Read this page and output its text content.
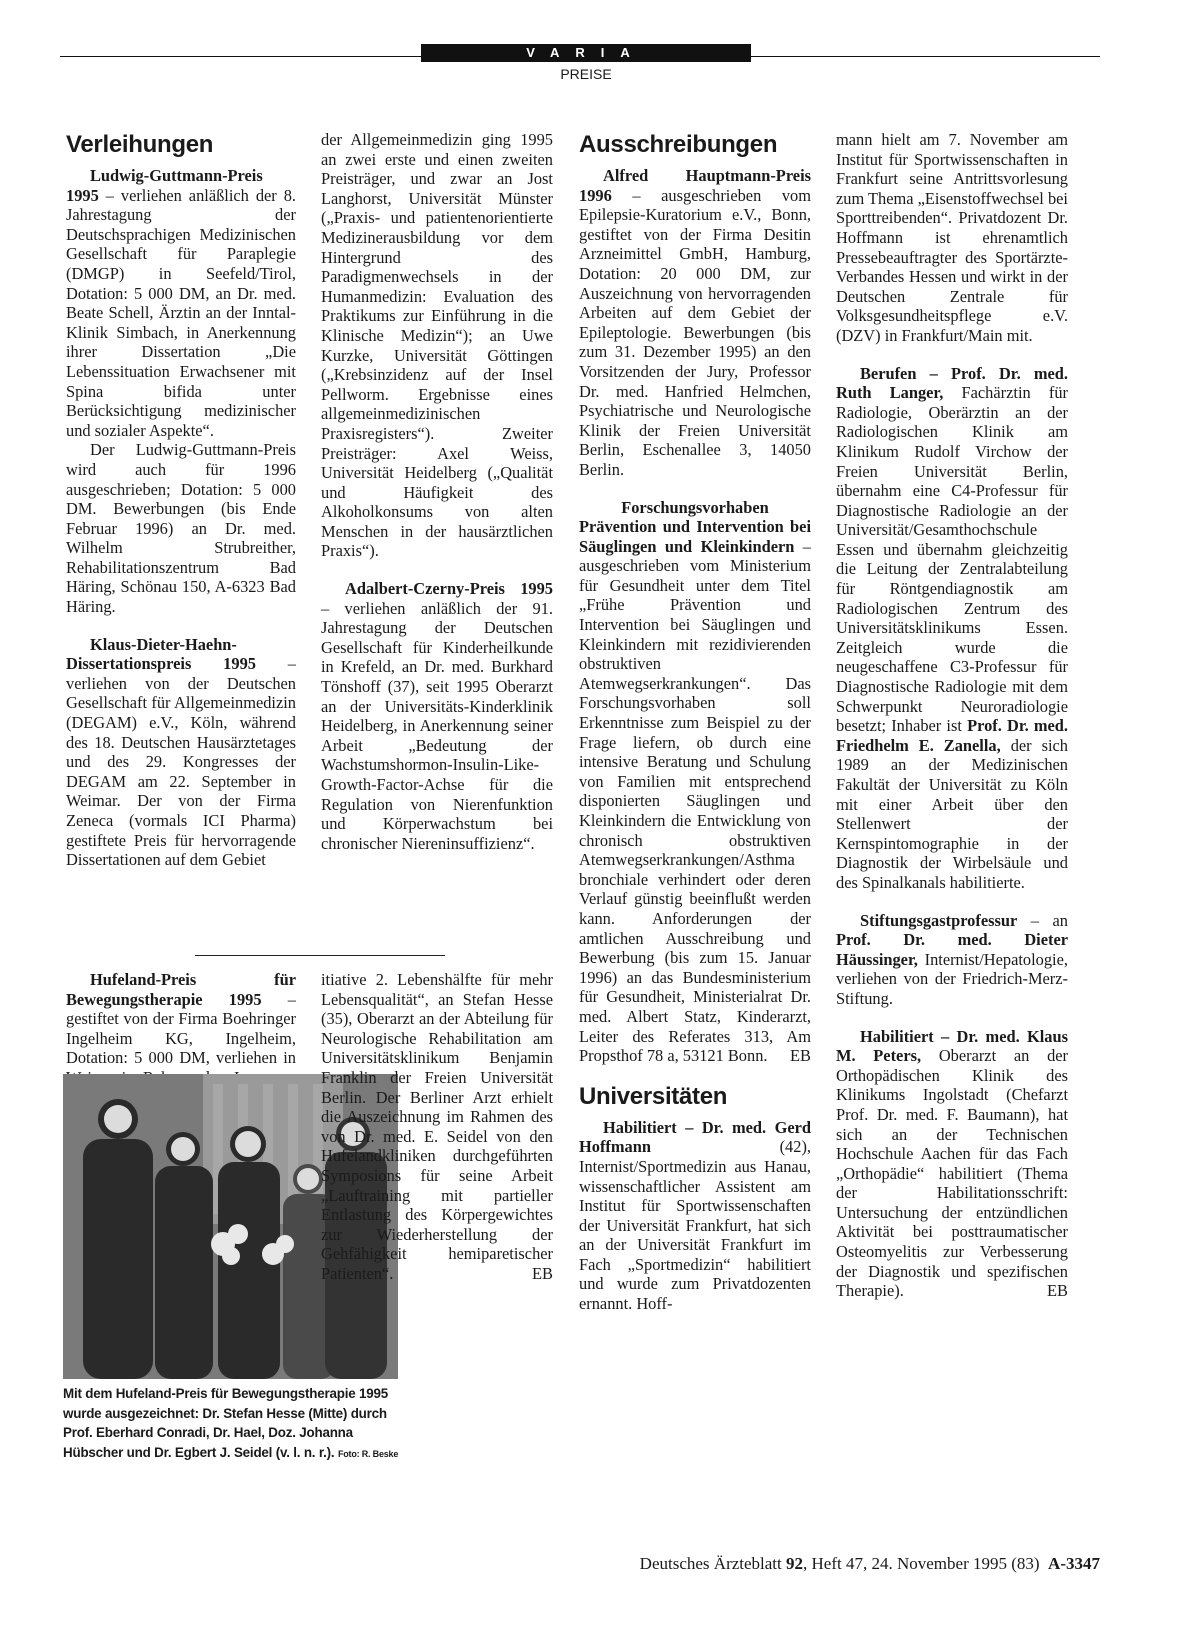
VARIA
PREISE
Verleihungen

Ludwig-Guttmann-Preis 1995 – verliehen anläßlich der 8. Jahrestagung der Deutschsprachigen Medizinischen Gesellschaft für Paraplegie (DMGP) in Seefeld/Tirol, Dotation: 5 000 DM, an Dr. med. Beate Schell, Ärztin an der Inntal-Klinik Simbach, in Anerkennung ihrer Dissertation „Die Lebenssituation Erwachsener mit Spina bifida unter Berücksichtigung medizinischer und sozialer Aspekte“.

Der Ludwig-Guttmann-Preis wird auch für 1996 ausgeschrieben; Dotation: 5 000 DM. Bewerbungen (bis Ende Februar 1996) an Dr. med. Wilhelm Strubreither, Rehabilitationszentrum Bad Häring, Schönau 150, A-6323 Bad Häring.

Klaus-Dieter-Haehn-Dissertationspreis 1995 – verliehen von der Deutschen Gesellschaft für Allgemeinmedizin (DEGAM) e.V., Köln, während des 18. Deutschen Hausärztetages und des 29. Kongresses der DEGAM am 22. September in Weimar. Der von der Firma Zeneca (vormals ICI Pharma) gestiftete Preis für hervorragende Dissertationen auf dem Gebiet

der Allgemeinmedizin ging 1995 an zwei erste und einen zweiten Preisträger, und zwar an Jost Langhorst, Universität Münster („Praxis- und patientenorientierte Medizinerausbildung vor dem Hintergrund des Paradigmenwechsels in der Humanmedizin: Evaluation des Praktikums zur Einführung in die Klinische Medizin“); an Uwe Kurzke, Universität Göttingen („Krebsinzidenz auf der Insel Pellworm. Ergebnisse eines allgemeinmedizinischen Praxisregisters“). Zweiter Preisträger: Axel Weiss, Universität Heidelberg („Qualität und Häufigkeit des Alkoholkonsums von alten Menschen in der hausärztlichen Praxis“).

Adalbert-Czerny-Preis 1995 – verliehen anläßlich der 91. Jahrestagung der Deutschen Gesellschaft für Kinderheilkunde in Krefeld, an Dr. med. Burkhard Tönshoff (37), seit 1995 Oberarzt an der Universitäts-Kinderklinik Heidelberg, in Anerkennung seiner Arbeit „Bedeutung der Wachstumshormon-Insulin-Like-Growth-Factor-Achse für die Regulation von Nierenfunktion und Körperwachstum bei chronischer Niereninsuffizienz“.

Hufeland-Preis für Bewegungstherapie 1995 – gestiftet von der Firma Boehringer Ingelheim KG, Ingelheim, Dotation: 5 000 DM, verliehen in

Mit dem Hufeland-Preis für Bewegungstherapie 1995 wurde ausgezeichnet: Dr. Stefan Hesse (Mitte) durch Prof. Eberhard Conradi, Dr. Hael, Doz. Johanna Hübscher und Dr. Egbert J. Seidel (v. l. n. r.). Foto: R. Beske

itiative 2. Lebenshälfte für mehr Lebensqualität“, an Stefan Hesse (35), Oberarzt an der Abteilung für Neurologische Rehabilitation am Universitätsklinikum Benjamin Franklin der Freien Universität Berlin. Der Berliner Arzt erhielt die Auszeichnung im Rahmen des von Dr. med. E. Seidel von den Hufelandkliniken durchgeführten Symposions für seine Arbeit „Lauftraining mit partieller Entlastung des Körpergewichtes zur Wiederherstellung der Gehfähigkeit hemiparetischer Patienten“.	EB

Ausschreibungen

Alfred Hauptmann-Preis 1996 – ausgeschrieben vom Epilepsie-Kuratorium e.V., Bonn, gestiftet von der Firma Desitin Arzneimittel GmbH, Hamburg, Dotation: 20 000 DM, zur Auszeichnung von hervorragenden Arbeiten auf dem Gebiet der Epileptologie. Bewerbungen (bis zum 31. Dezember 1995) an den Vorsitzenden der Jury, Professor Dr. med. Hanfried Helmchen, Psychiatrische und Neurologische Klinik der Freien Universität Berlin, Eschenallee 3, 14050 Berlin.

Forschungsvorhaben

Prävention und Intervention bei Säuglingen und Kleinkindern – ausgeschrieben vom Ministerium für Gesundheit unter dem Titel „Frühe Prävention und Intervention bei Säuglingen und Kleinkindern mit rezidivierenden obstruktiven Atemwegserkrankungen“. Das Forschungsvorhaben soll Erkenntnisse zum Beispiel zu der Frage liefern, ob durch eine intensive Beratung und Schulung von Familien mit entsprechend disponierten Säuglingen und Kleinkindern die Entwicklung von chronisch obstruktiven Atemwegserkrankungen/Asthma bronchiale verhindert oder deren Verlauf günstig beeinflußt werden kann. Anforderungen der amtlichen Ausschreibung und Bewerbung (bis zum 15. Januar 1996) an das Bundesministerium für Gesundheit, Ministerialrat Dr. med. Albert Statz, Kinderarzt, Leiter des Referates 313, Am Propsthof 78 a, 53121 Bonn. EB

Universitäten

Habilitiert – Dr. med. Gerd Hoffmann	(42), Internist/Sportmedizin aus Hanau, wissenschaftlicher Assistent am Institut für Sportwissenschaften der Universität Frankfurt, hat sich an der Universität Frankfurt im Fach „Sportmedizin“ habilitiert und wurde zum Privatdozenten ernannt. Hoff-

mann hielt am 7. November am Institut für Sportwissenschaften in Frankfurt seine Antrittsvorlesung zum Thema „Eisenstoffwechsel bei Sporttreibenden“. Privatdozent Dr. Hoffmann ist ehrenamtlich Pressebeauftragter des Sportärzte-Verbandes Hessen und wirkt in der Deutschen Zentrale für Volksgesundheitspflege e.V. (DZV) in Frankfurt/Main mit.

Berufen – Prof. Dr. med. Ruth Langer, Fachärztin für Radiologie, Oberärztin an der Radiologischen Klinik am Klinikum Rudolf Virchow der Freien Universität Berlin, übernahm eine C4-Professur für Diagnostische Radiologie an der Universität/Gesamthochschule Essen und übernahm gleichzeitig die Leitung der Zentralabteilung für Röntgendiagnostik am Radiologischen Zentrum des Universitätsklinikums Essen. Zeitgleich wurde die neugeschaffene C3-Professur für Diagnostische Radiologie mit dem Schwerpunkt Neuroradiologie besetzt; Inhaber ist Prof. Dr. med. Friedhelm E. Zanella, der sich 1989 an der Medizinischen Fakultät der Universität zu Köln mit einer Arbeit über den Stellenwert der Kernspintomographie in der Diagnostik der Wirbelsäule und des Spinalkanals habilitierte.

Stiftungsgastprofessur – an Prof. Dr. med. Dieter Häussinger, Internist/Hepatologie, verliehen von der Friedrich-Merz-Stiftung.

Habilitiert – Dr. med. Klaus M. Peters, Oberarzt an der Orthopädischen Klinik des Klinikums Ingolstadt (Chefarzt Prof. Dr. med. F. Baumann), hat sich an der Technischen Hochschule Aachen für das Fach „Orthopädie“ habilitiert (Thema der Habilitationsschrift: Untersuchung der entzündlichen Aktivität bei posttraumatischer Osteomyelitis zur Verbesserung der Diagnostik und spezifischen Therapie).	EB

Deutsches Ärzteblatt 92, Heft 47, 24. November 1995 (83) A-3347
